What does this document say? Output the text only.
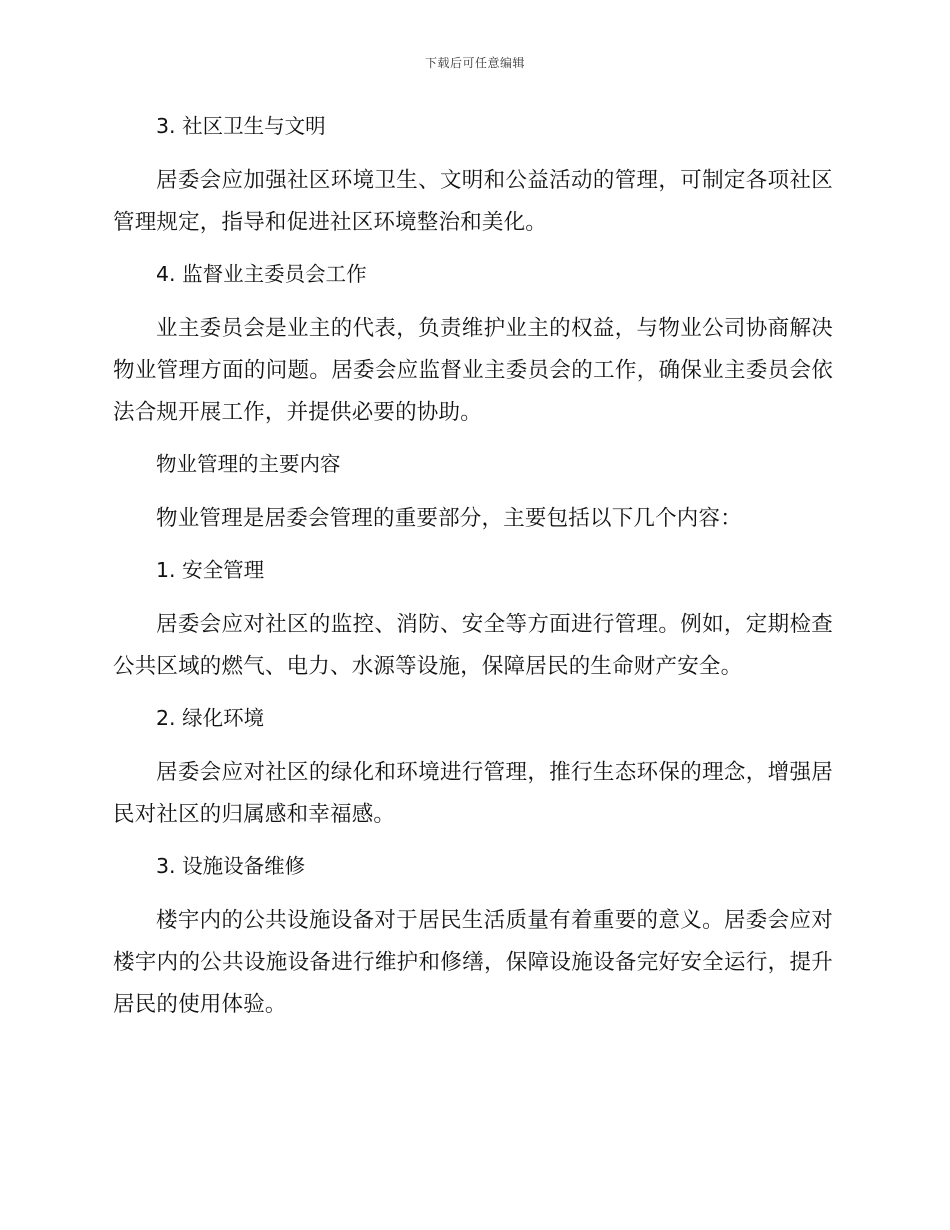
下载后可任意编辑
3. 社区卫生与文明

居委会应加强社区环境卫生、文明和公益活动的管理，可制定各项社区管理规定，指导和促进社区环境整治和美化。

4. 监督业主委员会工作

业主委员会是业主的代表，负责维护业主的权益，与物业公司协商解决物业管理方面的问题。居委会应监督业主委员会的工作，确保业主委员会依法合规开展工作，并提供必要的协助。

物业管理的主要内容

物业管理是居委会管理的重要部分，主要包括以下几个内容：

1. 安全管理

居委会应对社区的监控、消防、安全等方面进行管理。例如，定期检查公共区域的燃气、电力、水源等设施，保障居民的生命财产安全。

2. 绿化环境

居委会应对社区的绿化和环境进行管理，推行生态环保的理念，增强居民对社区的归属感和幸福感。

3. 设施设备维修

楼宇内的公共设施设备对于居民生活质量有着重要的意义。居委会应对楼宇内的公共设施设备进行维护和修缮，保障设施设备完好安全运行，提升居民的使用体验。
